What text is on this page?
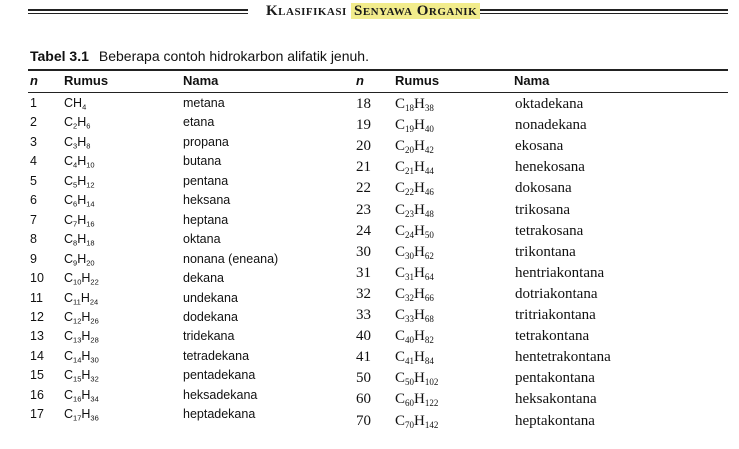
Klasifikasi Senyawa Organik
Tabel 3.1 Beberapa contoh hidrokarbon alifatik jenuh.
n Rumus	Nama	n Rumus	Nama
1 $CH_4$	metana
2 $C_2H_6$	etana
3 $C_3H_8$	propana
4 $C_4H_{10}$	butana
5 $C_5H_{12}$	pentana
6 $C_6H_{14}$	heksana
7 $C_7H_{16}$	heptana
8 $C_8H_{18}$	oktana
9 $C_9H_{20}$	nonana (eneana)
10 $C_{10}H_{22}$	dekana
11 $C_{11}H_{24}$	undekana
12 $C_{12}H_{26}$	dodekana
13 $C_{13}H_{28}$	tridekana
14 $C_{14}H_{30}$	tetradekana
15 $C_{15}H_{32}$	pentadekana
16 $C_{16}H_{34}$	heksadekana
17 $C_{17}H_{36}$	heptadekana
18 $C_{18}H_{38}$	oktadekana
19 $C_{19}H_{40}$	nonadekana
20 $C_{20}H_{42}$	ekosana
21 $C_{21}H_{44}$	henekosana
22 $C_{22}H_{46}$	dokosana
23 $C_{23}H_{48}$	trikosana
24 $C_{24}H_{50}$	tetrakosana
30 $C_{30}H_{62}$	trikontana
31 $C_{31}H_{64}$	hentriakontana
32 $C_{32}H_{66}$	dotriakontana
33 $C_{33}H_{68}$	tritriakontana
40 $C_{40}H_{82}$	tetrakontana
41 $C_{41}H_{84}$	hentetrakontana
50 $C_{50}H_{102}$	pentakontana
60 $C_{60}H_{122}$	heksakontana
70 $C_{70}H_{142}$	heptakontana
